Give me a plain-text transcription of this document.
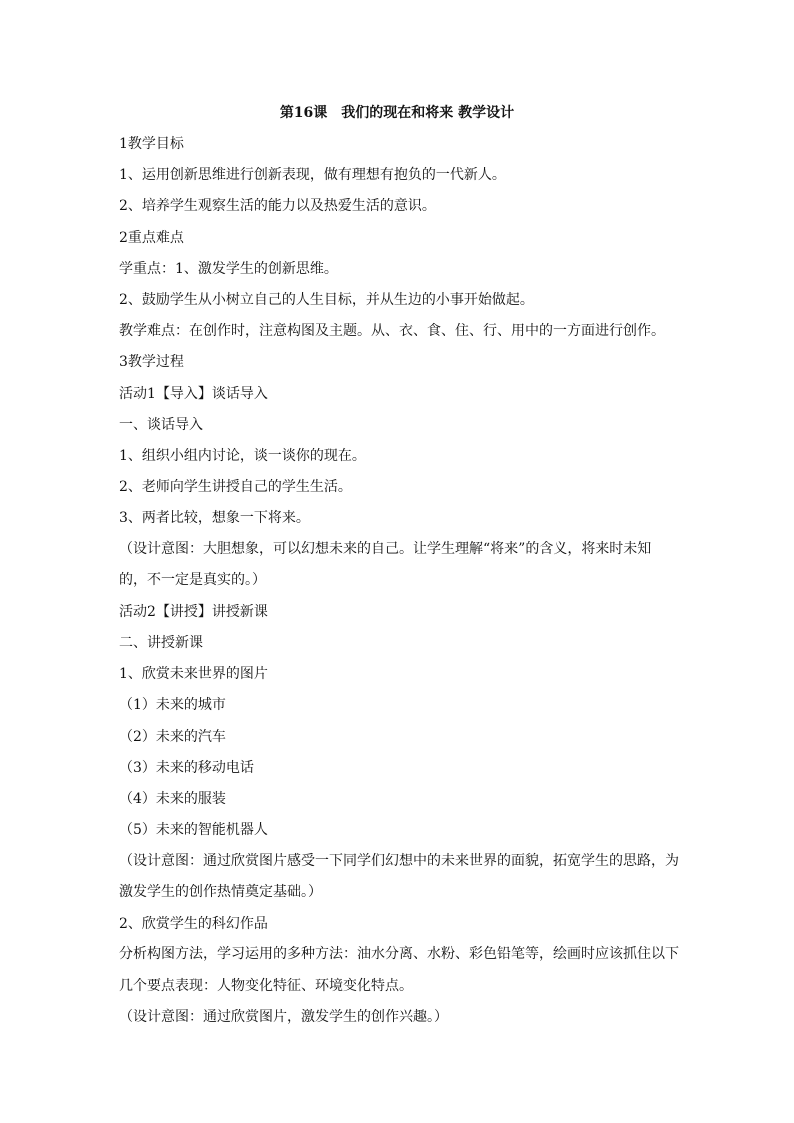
第16课　我们的现在和将来 教学设计

1教学目标

1、运用创新思维进行创新表现，做有理想有抱负的一代新人。

2、培养学生观察生活的能力以及热爱生活的意识。

2重点难点

学重点：1、激发学生的创新思维。

2、鼓励学生从小树立自己的人生目标，并从生边的小事开始做起。

教学难点：在创作时，注意构图及主题。从、衣、食、住、行、用中的一方面进行创作。

3教学过程

活动1【导入】谈话导入

一、谈话导入

1、组织小组内讨论，谈一谈你的现在。

2、老师向学生讲授自己的学生生活。

3、两者比较，想象一下将来。

（设计意图：大胆想象，可以幻想未来的自己。让学生理解“将来”的含义，将来时未知的，不一定是真实的。）

活动2【讲授】讲授新课

二、讲授新课

1、欣赏未来世界的图片

（1）未来的城市

（2）未来的汽车

（3）未来的移动电话

（4）未来的服装

（5）未来的智能机器人

（设计意图：通过欣赏图片感受一下同学们幻想中的未来世界的面貌，拓宽学生的思路，为激发学生的创作热情奠定基础。）

2、欣赏学生的科幻作品

分析构图方法，学习运用的多种方法：油水分离、水粉、彩色铅笔等，绘画时应该抓住以下几个要点表现：人物变化特征、环境变化特点。

（设计意图：通过欣赏图片，激发学生的创作兴趣。）
